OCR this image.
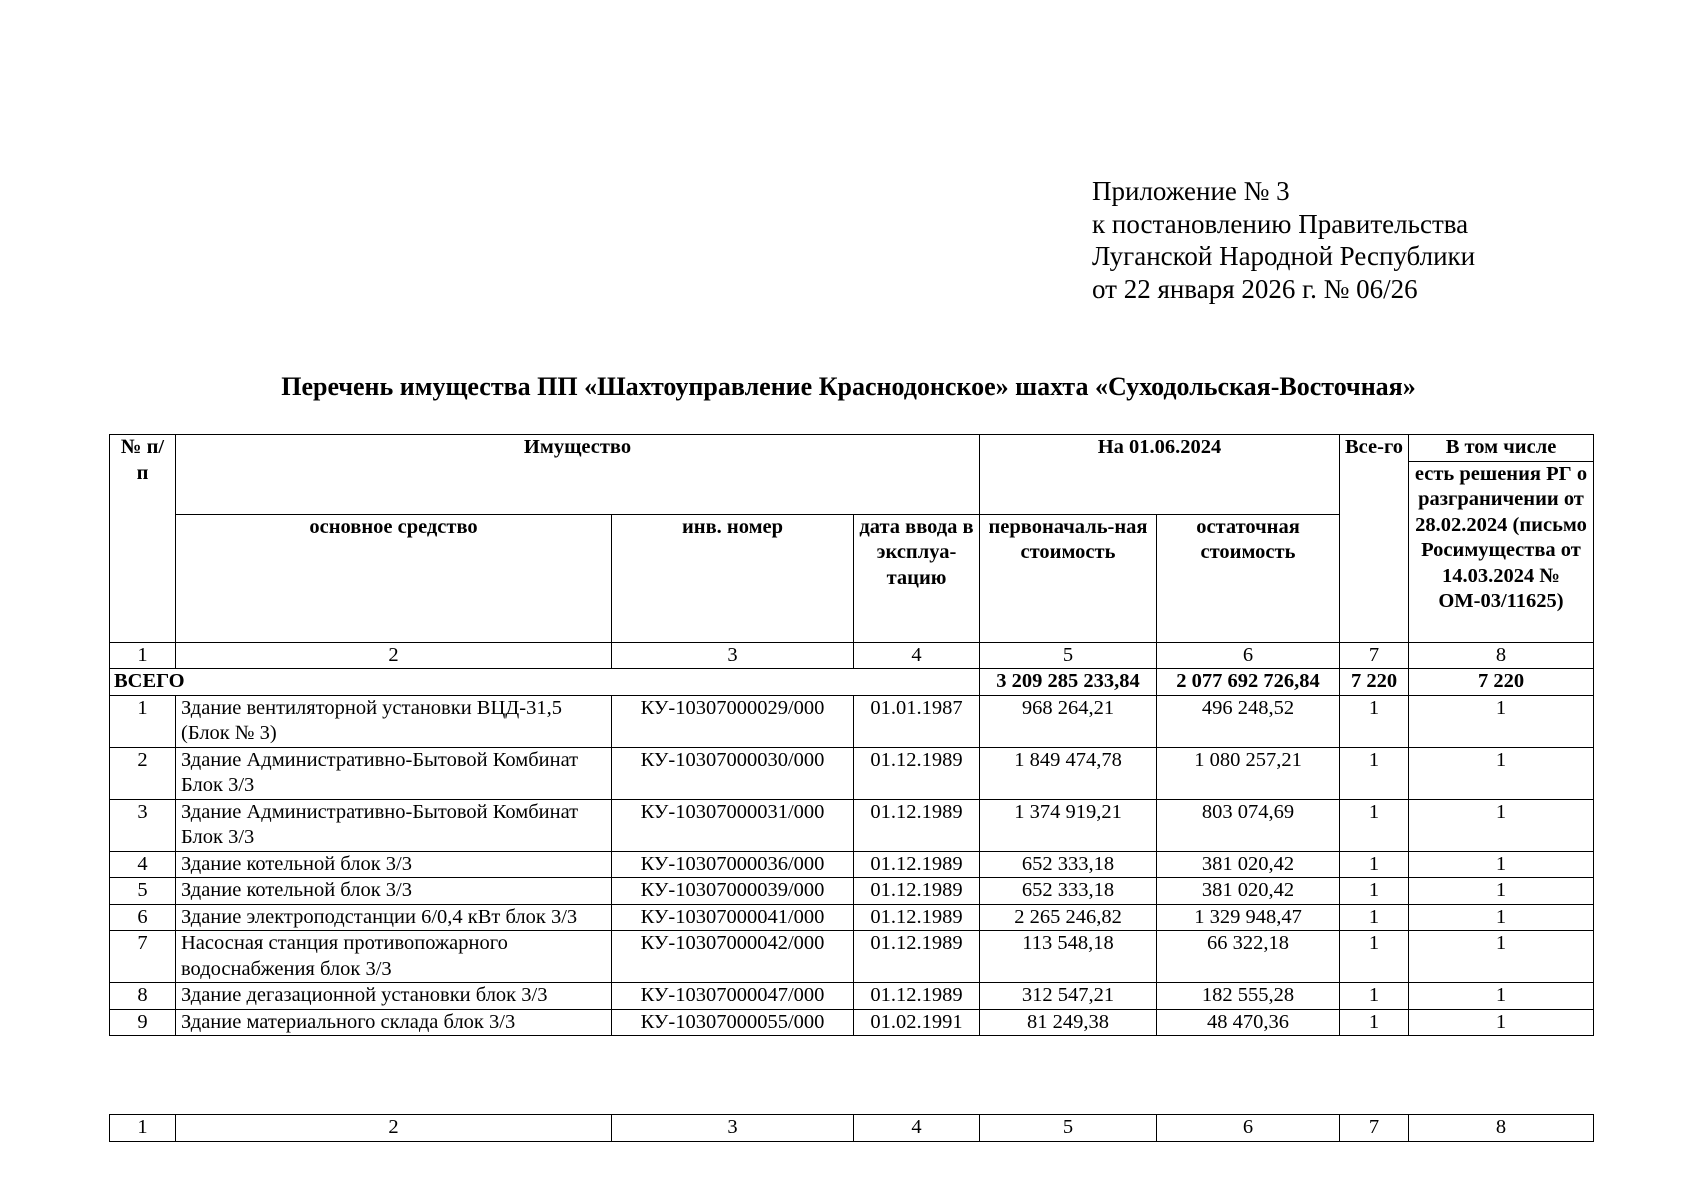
Приложение № 3
к постановлению Правительства
Луганской Народной Республики
от 22 января 2026 г. № 06/26
Перечень имущества ПП «Шахтоуправление Краснодонское» шахта «Суходольская-Восточная»
№ п/п	Имущество			На 01.06.2024		Все-го	В том числе
							есть решения РГ о разграничении от 28.02.2024 (письмо Росимущества от 14.03.2024 № ОМ-03/11625)
	основное средство	инв. номер	дата ввода в эксплуа-тацию	первоначаль-ная стоимость	остаточная стоимость		
1	2	3	4	5	6	7	8
ВСЕГО				3 209 285 233,84	2 077 692 726,84	7 220	7 220
1	Здание вентиляторной установки ВЦД-31,5 (Блок № 3)	КУ-10307000029/000	01.01.1987	968 264,21	496 248,52	1	1
2	Здание Административно-Бытовой Комбинат Блок 3/3	КУ-10307000030/000	01.12.1989	1 849 474,78	1 080 257,21	1	1
3	Здание Административно-Бытовой Комбинат Блок 3/3	КУ-10307000031/000	01.12.1989	1 374 919,21	803 074,69	1	1
4	Здание котельной блок 3/3	КУ-10307000036/000	01.12.1989	652 333,18	381 020,42	1	1
5	Здание котельной блок 3/3	КУ-10307000039/000	01.12.1989	652 333,18	381 020,42	1	1
6	Здание электроподстанции 6/0,4 кВт блок 3/3	КУ-10307000041/000	01.12.1989	2 265 246,82	1 329 948,47	1	1
7	Насосная станция противопожарного водоснабжения блок 3/3	КУ-10307000042/000	01.12.1989	113 548,18	66 322,18	1	1
8	Здание дегазационной установки блок 3/3	КУ-10307000047/000	01.12.1989	312 547,21	182 555,28	1	1
9	Здание материального склада блок 3/3	КУ-10307000055/000	01.02.1991	81 249,38	48 470,36	1	1
1	2	3	4	5	6	7	8
